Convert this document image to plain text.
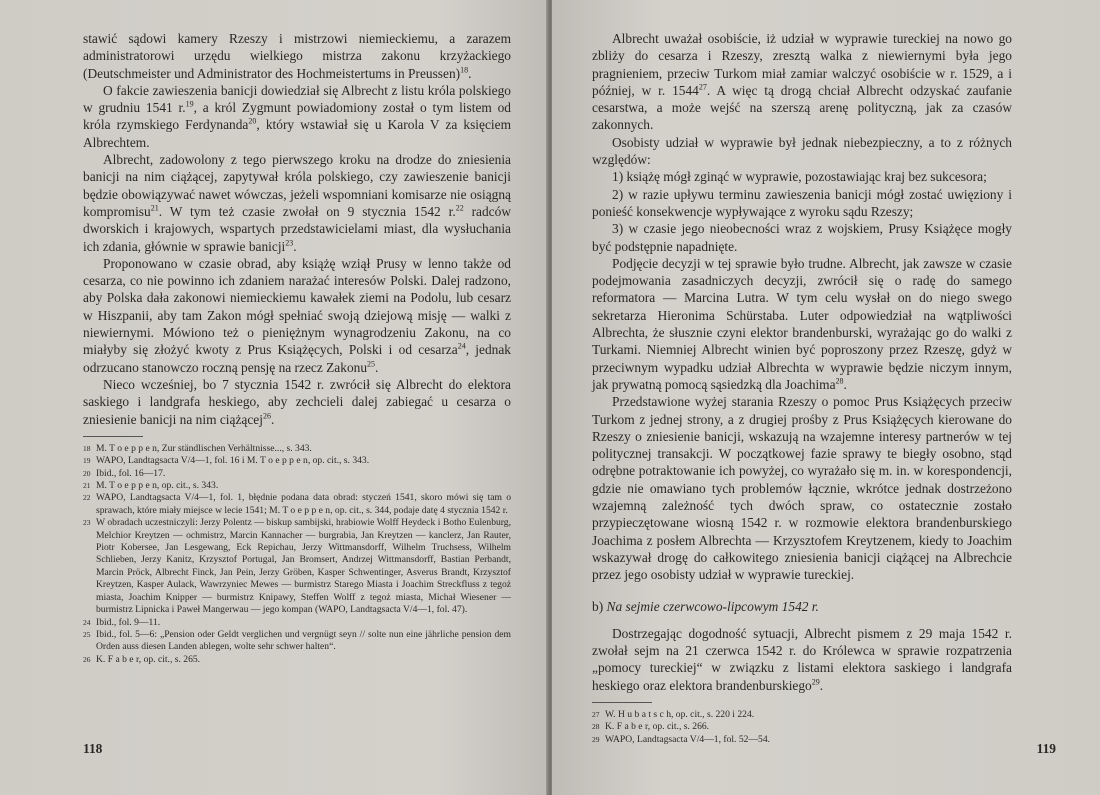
stawić sądowi kamery Rzeszy i mistrzowi niemieckiemu, a zarazem administratorowi urzędu wielkiego mistrza zakonu krzyżackiego (Deutschmeister und Administrator des Hochmeistertums in Preussen)$^{18}$.

O fakcie zawieszenia banicji dowiedział się Albrecht z listu króla polskiego w grudniu 1541 r.$^{19}$, a król Zygmunt powiadomiony został o tym listem od króla rzymskiego Ferdynanda$^{20}$, który wstawiał się u Karola V za księciem Albrechtem.

Albrecht, zadowolony z tego pierwszego kroku na drodze do zniesienia banicji na nim ciążącej, zapytywał króla polskiego, czy zawieszenie banicji będzie obowiązywać nawet wówczas, jeżeli wspomniani komisarze nie osiągną kompromisu$^{21}$. W tym też czasie zwołał on 9 stycznia 1542 r.$^{22}$ radców dworskich i krajowych, wspartych przedstawicielami miast, dla wysłuchania ich zdania, głównie w sprawie banicji$^{23}$.

Proponowano w czasie obrad, aby książę wziął Prusy w lenno także od cesarza, co nie powinno ich zdaniem narażać interesów Polski. Dalej radzono, aby Polska dała zakonowi niemieckiemu kawałek ziemi na Podolu, lub cesarz w Hiszpanii, aby tam Zakon mógł spełniać swoją dziejową misję — walki z niewiernymi. Mówiono też o pieniężnym wynagrodzeniu Zakonu, na co miałyby się złożyć kwoty z Prus Książęcych, Polski i od cesarza$^{24}$, jednak odrzucano stanowczo roczną pensję na rzecz Zakonu$^{25}$.

Nieco wcześniej, bo 7 stycznia 1542 r. zwrócił się Albrecht do elektora saskiego i landgrafa heskiego, aby zechcieli dalej zabiegać u cesarza o zniesienie banicji na nim ciążącej$^{26}$.

18 M. T o e p p e n, Zur ständlischen Verhältnisse..., s. 343.

19 WAPO, Landtagsacta V/4—1, fol. 16 i M. T o e p p e n, op. cit., s. 343.

20 Ibid., fol. 16—17.

21 M. T o e p p e n, op. cit., s. 343.

22 WAPO, Landtagsacta V/4—1, fol. 1, błędnie podana data obrad: styczeń 1541, skoro mówi się tam o sprawach, które miały miejsce w lecie 1541; M. T o e p p e n, op. cit., s. 344, podaje datę 4 stycznia 1542 r.

23 W obradach uczestniczyli: Jerzy Polentz — biskup sambijski, hrabiowie Wolff Heydeck i Botho Eulenburg, Melchior Kreytzen — ochmistrz, Marcin Kannacher — burgrabia, Jan Kreytzen — kanclerz, Jan Rauter, Piotr Kobersee, Jan Lesgewang, Eck Repichau, Jerzy Wittmansdorff, Wilhelm Truchsess, Wilhelm Schlieben, Jerzy Kanitz, Krzysztof Portugal, Jan Bromsert, Andrzej Wittmansdorff, Bastian Perbandt, Marcin Pröck, Albrecht Finck, Jan Pein, Jerzy Gröben, Kasper Schwentinger, Asverus Brandt, Krzysztof Kreytzen, Kasper Aulack, Wawrzyniec Mewes — burmistrz Starego Miasta i Joachim Streckfluss z tegoż miasta, Joachim Knipper — burmistrz Knipawy, Steffen Wolff z tegoż miasta, Michał Wiesener — burmistrz Lipnicka i Paweł Mangerwau — jego kompan (WAPO, Landtagsacta V/4—1, fol. 47).

24 Ibid., fol. 9—11.

25 Ibid., fol. 5—6: „Pension oder Geldt verglichen und vergnügt seyn // solte nun eine jährliche pension dem Orden auss diesen Landen ablegen, wolte sehr schwer halten“.

26 K. F a b e r, op. cit., s. 265.

118

Albrecht uważał osobiście, iż udział w wyprawie tureckiej na nowo go zbliży do cesarza i Rzeszy, zresztą walka z niewiernymi była jego pragnieniem, przeciw Turkom miał zamiar walczyć osobiście w r. 1529, a i później, w r. 1544$^{27}$. A więc tą drogą chciał Albrecht odzyskać zaufanie cesarstwa, a może wejść na szerszą arenę polityczną, jak za czasów zakonnych.

Osobisty udział w wyprawie był jednak niebezpieczny, a to z różnych względów:

1) książę mógł zginąć w wyprawie, pozostawiając kraj bez sukcesora;

2) w razie upływu terminu zawieszenia banicji mógł zostać uwięziony i ponieść konsekwencje wypływające z wyroku sądu Rzeszy;

3) w czasie jego nieobecności wraz z wojskiem, Prusy Książęce mogły być podstępnie napadnięte.

Podjęcie decyzji w tej sprawie było trudne. Albrecht, jak zawsze w czasie podejmowania zasadniczych decyzji, zwrócił się o radę do samego reformatora — Marcina Lutra. W tym celu wysłał on do niego swego sekretarza Hieronima Schürstaba. Luter odpowiedział na wątpliwości Albrechta, że słusznie czyni elektor brandenburski, wyrażając go do walki z Turkami. Niemniej Albrecht winien być poproszony przez Rzeszę, gdyż w przeciwnym wypadku udział Albrechta w wyprawie będzie niczym innym, jak prywatną pomocą sąsiedzką dla Joachima$^{28}$.

Przedstawione wyżej starania Rzeszy o pomoc Prus Książęcych przeciw Turkom z jednej strony, a z drugiej prośby z Prus Książęcych kierowane do Rzeszy o zniesienie banicji, wskazują na wzajemne interesy partnerów w tej politycznej transakcji. W początkowej fazie sprawy te biegły osobno, stąd odrębne potraktowanie ich powyżej, co wyrażało się m. in. w korespondencji, gdzie nie omawiano tych problemów łącznie, wkrótce jednak dostrzeżono wzajemną zależność tych dwóch spraw, co ostatecznie zostało przypieczętowane wiosną 1542 r. w rozmowie elektora brandenburskiego Joachima z posłem Albrechta — Krzysztofem Kreytzenem, kiedy to Joachim wskazywał drogę do całkowitego zniesienia banicji ciążącej na Albrechcie przez jego osobisty udział w wyprawie tureckiej.

b) Na sejmie czerwcowo-lipcowym 1542 r.

Dostrzegając dogodność sytuacji, Albrecht pismem z 29 maja 1542 r. zwołał sejm na 21 czerwca 1542 r. do Królewca w sprawie rozpatrzenia „pomocy tureckiej“ w związku z listami elektora saskiego i landgrafa heskiego oraz elektora brandenburskiego$^{29}$.

27 W. H u b a t s c h, op. cit., s. 220 i 224.

28 K. F a b e r, op. cit., s. 266.

29 WAPO, Landtagsacta V/4—1, fol. 52—54.

119
